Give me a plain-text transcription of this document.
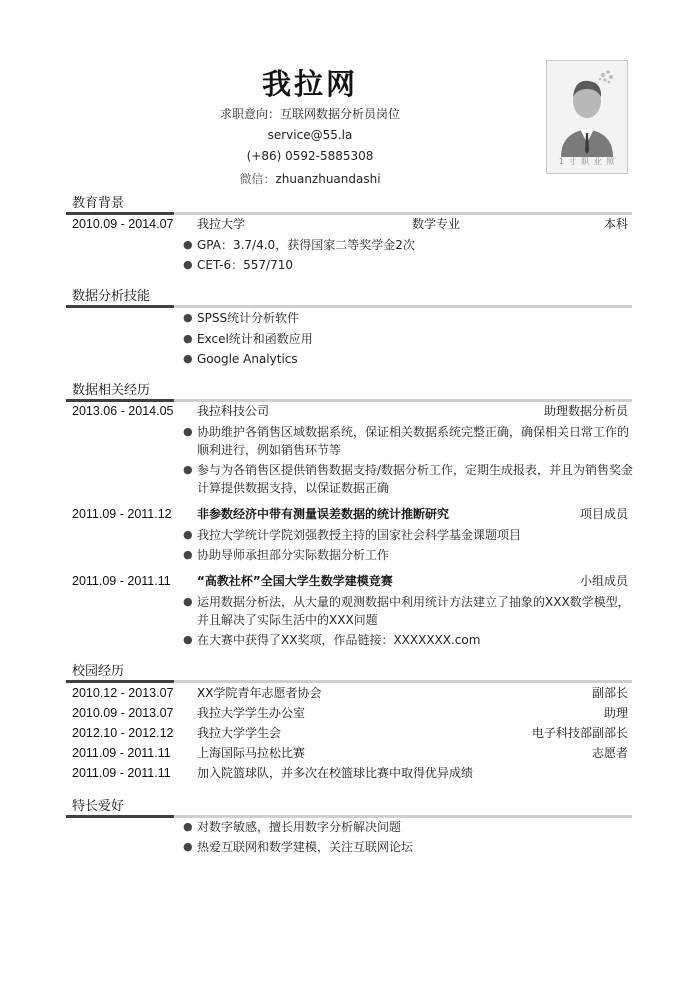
我拉网
求职意向：互联网数据分析员岗位
service@55.la
(+86) 0592-5885308
微信：zhuanzhuandashi
1 寸 职 业 照
教育背景
2010.09 - 2014.07 我拉大学	数学专业	本科
● GPA：3.7/4.0，获得国家二等奖学金2次
● CET-6：557/710
数据分析技能
● SPSS统计分析软件
● Excel统计和函数应用
● Google Analytics
数据相关经历
2013.06 - 2014.05 我拉科技公司	助理数据分析员
● 协助维护各销售区域数据系统，保证相关数据系统完整正确，确保相关日常工作的
顺利进行，例如销售环节等
● 参与为各销售区提供销售数据支持/数据分析工作，定期生成报表，并且为销售奖金
计算提供数据支持，以保证数据正确
2011.09 - 2011.12 非参数经济中带有测量误差数据的统计推断研究	项目成员
● 我拉大学统计学院刘强教授主持的国家社会科学基金课题项目
● 协助导师承担部分实际数据分析工作
2011.09 - 2011.11 “高教社杯”全国大学生数学建模竞赛	小组成员
● 运用数据分析法，从大量的观测数据中利用统计方法建立了抽象的XXX数学模型，
并且解决了实际生活中的XXX问题
● 在大赛中获得了XX奖项，作品链接：XXXXXXX.com
校园经历
2010.12 - 2013.07 XX学院青年志愿者协会	副部长
2010.09 - 2013.07 我拉大学学生办公室	助理
2012.10 - 2012.12 我拉大学学生会	电子科技部副部长
2011.09 - 2011.11 上海国际马拉松比赛	志愿者
2011.09 - 2011.11 加入院篮球队，并多次在校篮球比赛中取得优异成绩
特长爱好
● 对数字敏感，擅长用数字分析解决问题
● 热爱互联网和数学建模，关注互联网论坛
